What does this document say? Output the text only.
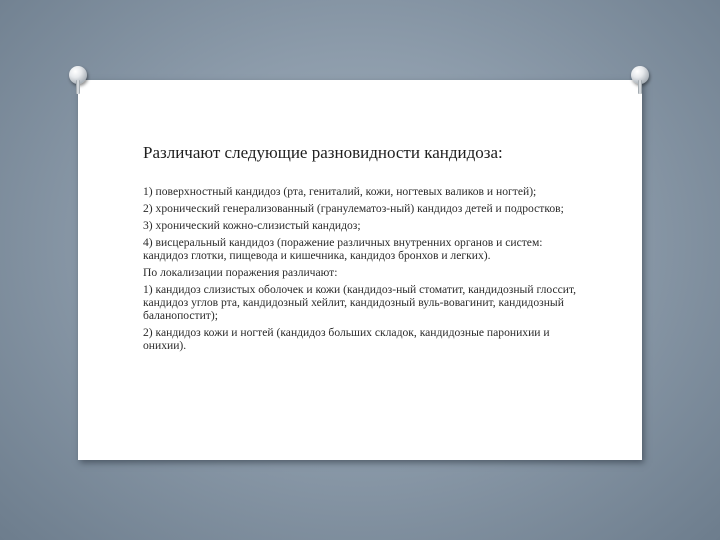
Различают следующие разновидности кандидоза:
1) поверхностный кандидоз (рта, гениталий, кожи, ногтевых валиков и ногтей);
2) хронический генерализованный (гранулематоз-ный) кандидоз детей и подростков;
3) хронический кожно-слизистый кандидоз;
4) висцеральный кандидоз (поражение различных внутренних органов и систем: кандидоз глотки, пищевода и кишечника, кандидоз бронхов и легких).
По локализации поражения различают:
1) кандидоз слизистых оболочек и кожи (кандидоз-ный стоматит, кандидозный глоссит, кандидоз углов рта, кандидозный хейлит, кандидозный вуль-вовагинит, кандидозный баланопостит);
2) кандидоз кожи и ногтей (кандидоз больших складок, кандидозные паронихии и онихии).
